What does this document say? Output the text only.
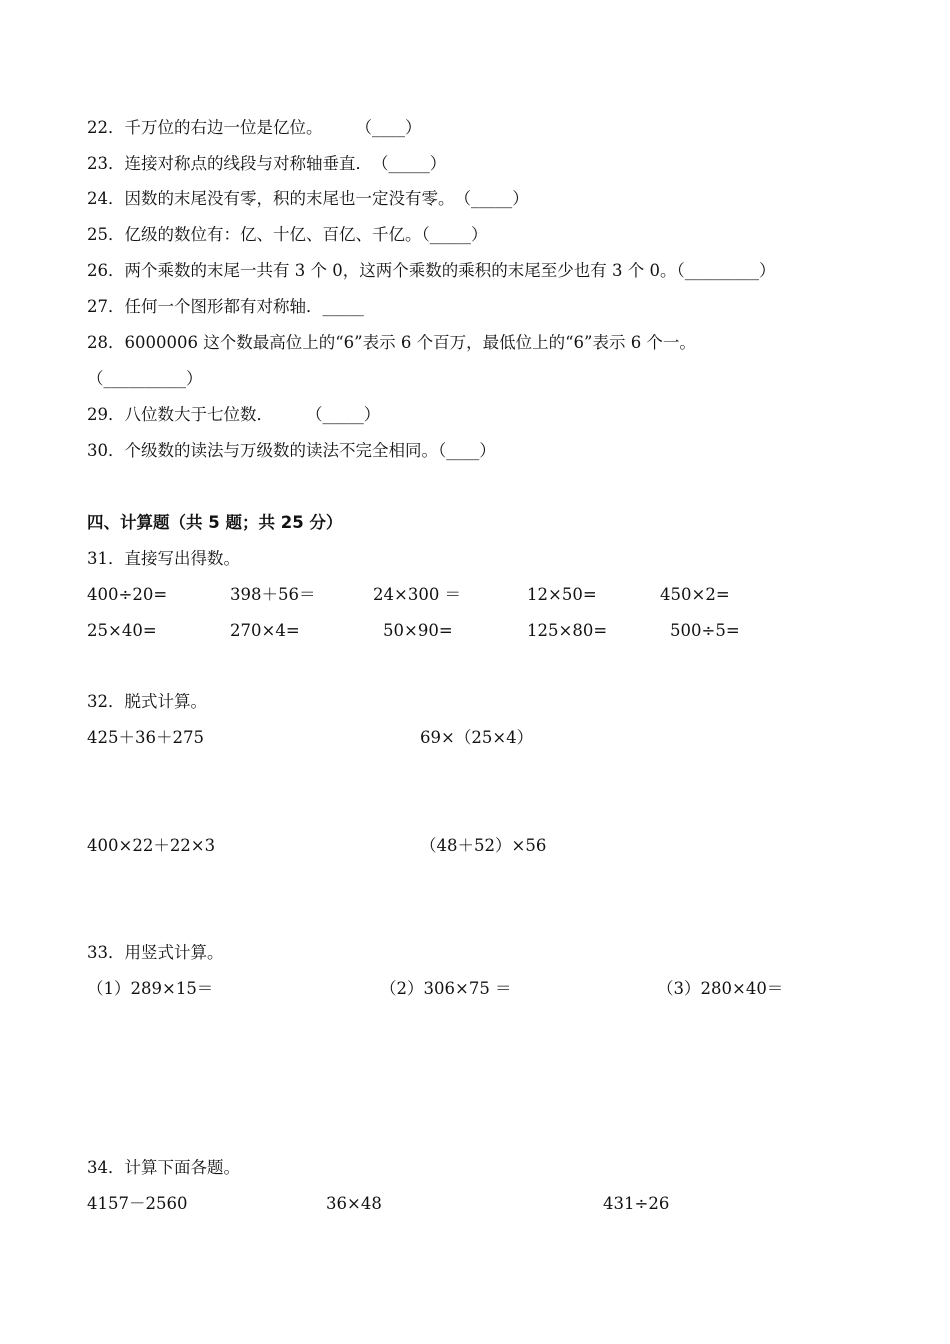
22．千万位的右边一位是亿位。　　　（____）
23．连接对称点的线段与对称轴垂直．　（_____）
24．因数的末尾没有零，积的末尾也一定没有零。　（_____）
25．亿级的数位有：亿、十亿、百亿、千亿。（_____）
26．两个乘数的末尾一共有 3 个 0，这两个乘数的乘积的末尾至少也有 3 个 0。（_________）
27．任何一个图形都有对称轴．_____
28．6000006 这个数最高位上的“6”表示 6 个百万，最低位上的“6”表示 6 个一。
（__________）
29．八位数大于七位数．　　　（_____）
30．个级数的读法与万级数的读法不完全相同。（____）
四、计算题（共 5 题；共 25 分）
31．直接写出得数。
400÷20=	398＋56＝	24×300 ＝	12×50=	450×2=
25×40=	270×4=	50×90=	125×80=	500÷5=
32．脱式计算。
425＋36＋275	69×（25×4）
400×22＋22×3	（48＋52）×56
33．用竖式计算。
（1）289×15＝	（2）306×75 ＝	（3）280×40＝
34．计算下面各题。
4157－2560	36×48	431÷26
